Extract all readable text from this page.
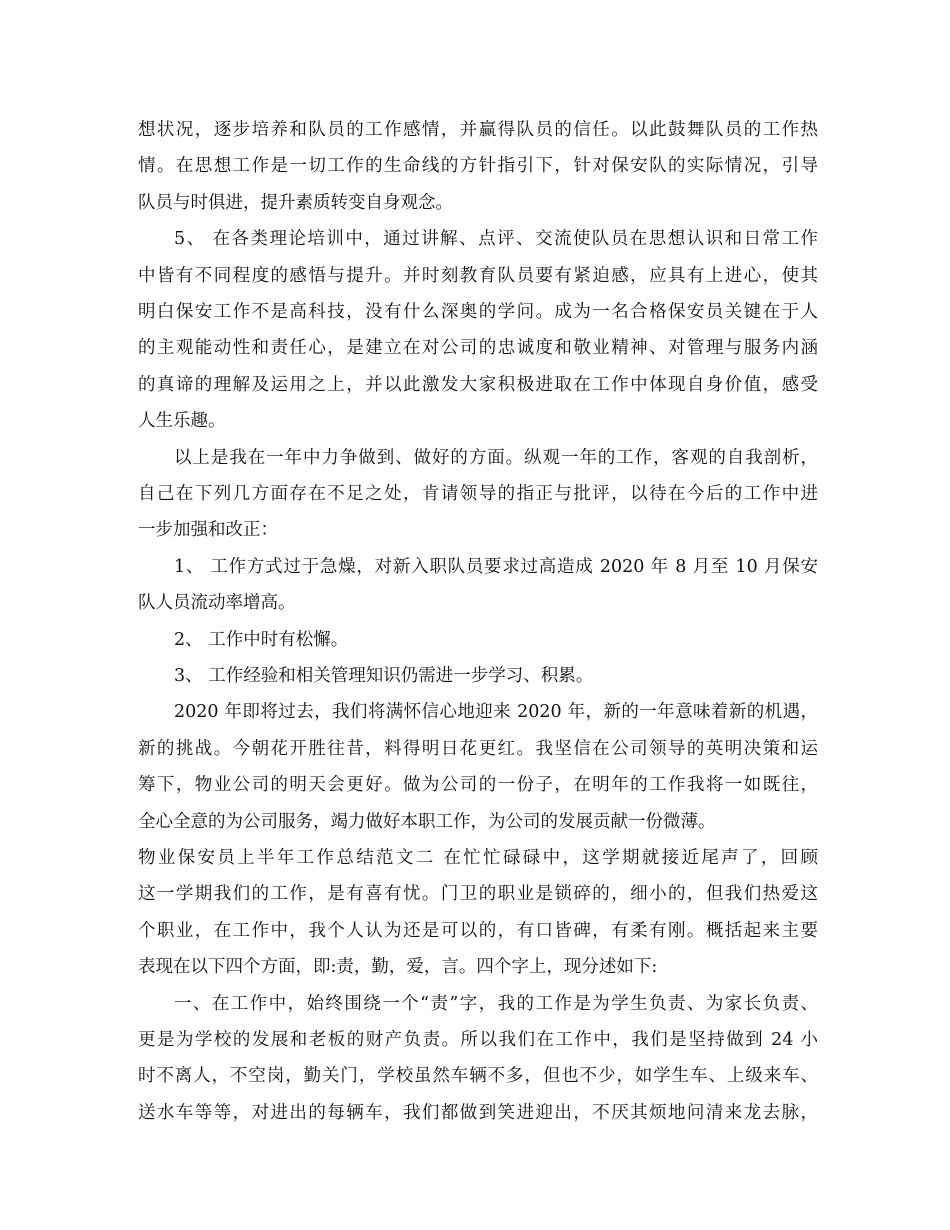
想状况，逐步培养和队员的工作感情，并赢得队员的信任。以此鼓舞队员的工作热
情。在思想工作是一切工作的生命线的方针指引下，针对保安队的实际情况，引导
队员与时俱进，提升素质转变自身观念。
5、 在各类理论培训中，通过讲解、点评、交流使队员在思想认识和日常工作
中皆有不同程度的感悟与提升。并时刻教育队员要有紧迫感，应具有上进心，使其
明白保安工作不是高科技，没有什么深奥的学问。成为一名合格保安员关键在于人
的主观能动性和责任心，是建立在对公司的忠诚度和敬业精神、对管理与服务内涵
的真谛的理解及运用之上，并以此激发大家积极进取在工作中体现自身价值，感受
人生乐趣。
以上是我在一年中力争做到、做好的方面。纵观一年的工作，客观的自我剖析，
自己在下列几方面存在不足之处，肯请领导的指正与批评，以待在今后的工作中进
一步加强和改正：
1、 工作方式过于急燥，对新入职队员要求过高造成 2020 年 8 月至 10 月保安
队人员流动率增高。
2、 工作中时有松懈。
3、 工作经验和相关管理知识仍需进一步学习、积累。
2020 年即将过去，我们将满怀信心地迎来 2020 年，新的一年意味着新的机遇，
新的挑战。今朝花开胜往昔，料得明日花更红。我坚信在公司领导的英明决策和运
筹下，物业公司的明天会更好。做为公司的一份子，在明年的工作我将一如既往，
全心全意的为公司服务，竭力做好本职工作，为公司的发展贡献一份微薄。
物业保安员上半年工作总结范文二 在忙忙碌碌中，这学期就接近尾声了，回顾
这一学期我们的工作，是有喜有忧。门卫的职业是锁碎的，细小的，但我们热爱这
个职业，在工作中，我个人认为还是可以的，有口皆碑，有柔有刚。概括起来主要
表现在以下四个方面，即:责，勤，爱，言。四个字上，现分述如下:
一、在工作中，始终围绕一个“责”字，我的工作是为学生负责、为家长负责、
更是为学校的发展和老板的财产负责。所以我们在工作中，我们是坚持做到 24 小
时不离人，不空岗，勤关门，学校虽然车辆不多，但也不少，如学生车、上级来车、
送水车等等，对进出的每辆车，我们都做到笑进迎出，不厌其烦地问清来龙去脉，
